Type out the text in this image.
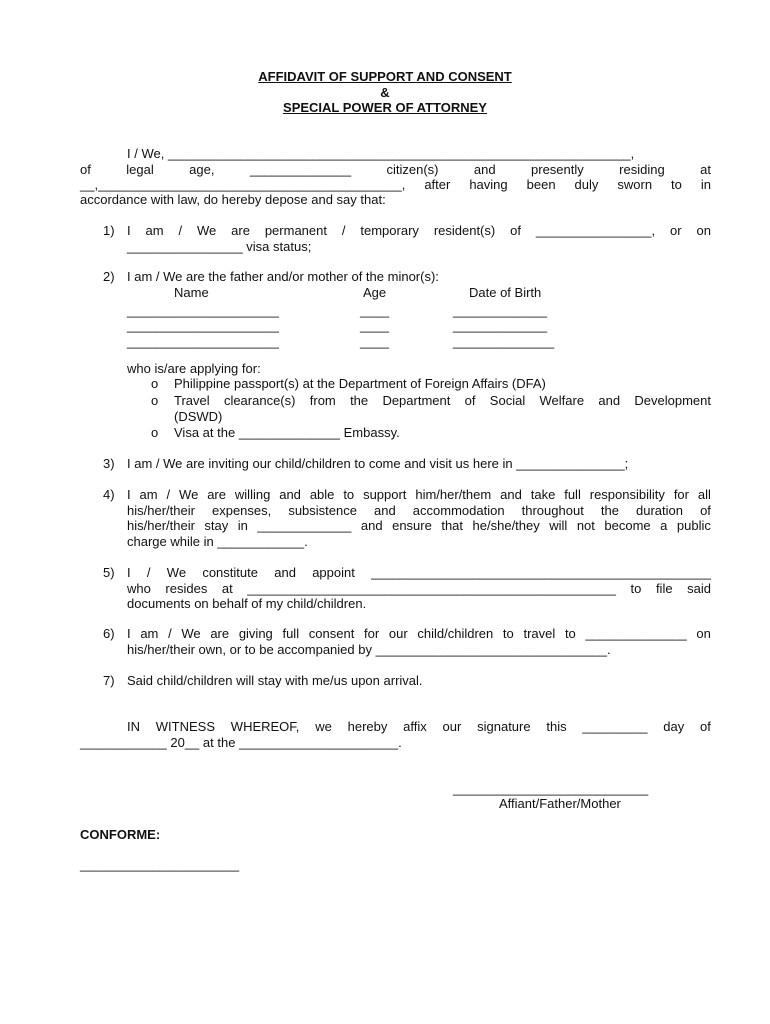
AFFIDAVIT OF SUPPORT AND CONSENT
&
SPECIAL POWER OF ATTORNEY
I / We, ________________________________________________________________,
of	legal	age,	______________	citizen(s)	and	presently	residing	at
__,__________________________________________, after having been duly sworn to in
accordance with law, do hereby depose and say that:
1) I am / We are permanent / temporary resident(s) of ________________, or on
________________ visa status;
2) I am / We are the father and/or mother of the minor(s):
Name	Age	Date of Birth
_____________________	____	_____________
_____________________	____	_____________
_____________________	____	______________
who is/are applying for:
o Philippine passport(s) at the Department of Foreign Affairs (DFA)
o Travel clearance(s) from the Department of Social Welfare and Development
(DSWD)
o Visa at the ______________ Embassy.
3) I am / We are inviting our child/children to come and visit us here in _______________;
4) I am / We are willing and able to support him/her/them and take full responsibility for all
his/her/their expenses, subsistence and accommodation throughout the duration of
his/her/their stay in _____________ and ensure that he/she/they will not become a public
charge while in ____________.
5) I / We constitute and appoint _______________________________________________
who resides at ___________________________________________________ to file said
documents on behalf of my child/children.
6) I am / We are giving full consent for our child/children to travel to ______________ on
his/her/their own, or to be accompanied by ________________________________.
7) Said child/children will stay with me/us upon arrival.
IN WITNESS WHEREOF, we hereby affix our signature this _________ day of
____________ 20__ at the ______________________.
___________________________
Affiant/Father/Mother
CONFORME:
______________________
